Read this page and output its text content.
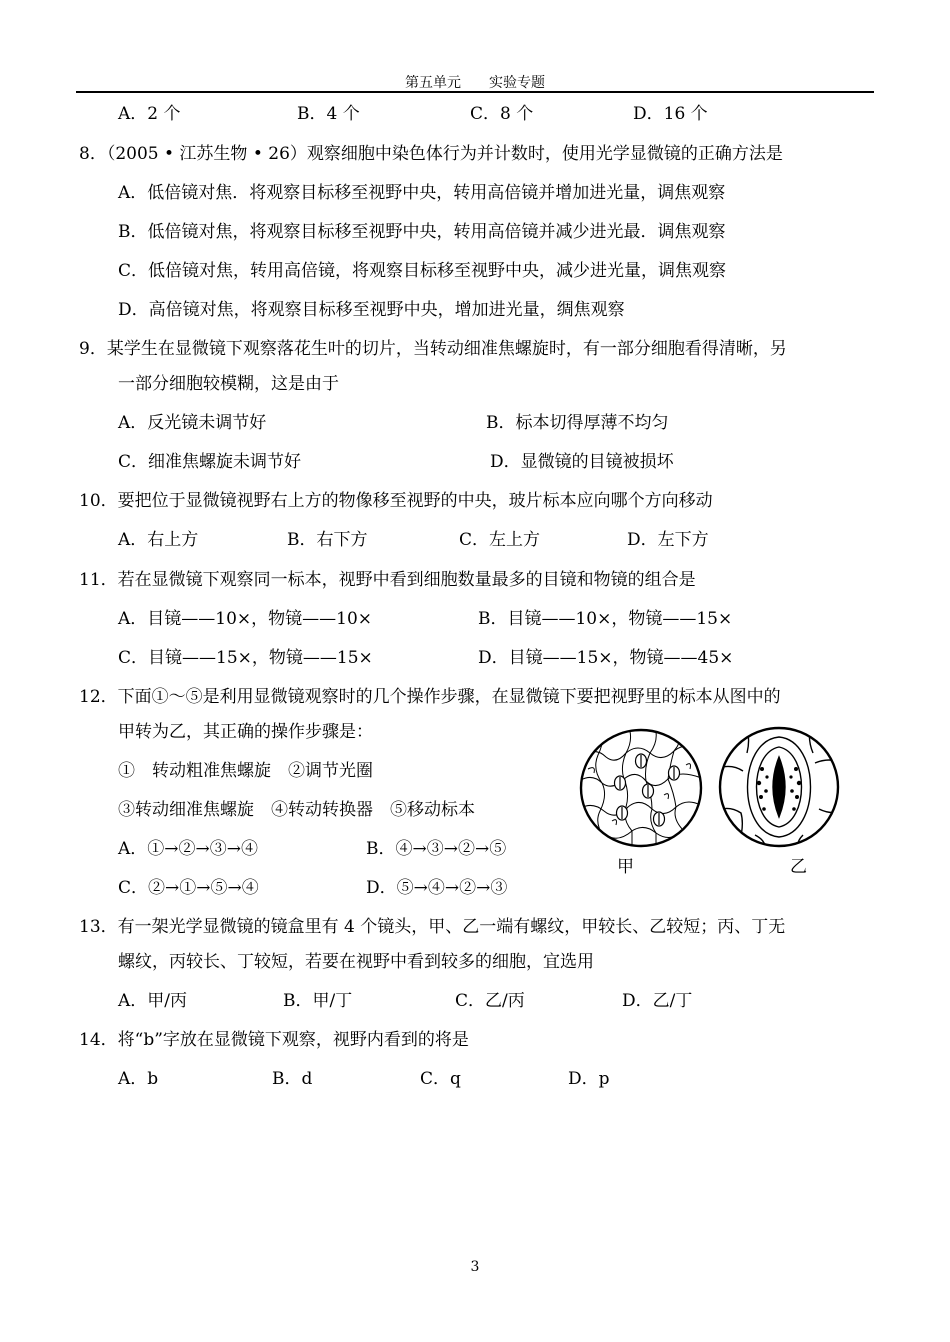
第五单元　　实验专题
A．2 个	B．4 个	C．8 个	D．16 个
8．（2005 • 江苏生物 • 26）观察细胞中染色体行为并计数时，使用光学显微镜的正确方法是
A．低倍镜对焦．将观察目标移至视野中央，转用高倍镜并增加进光量，调焦观察
B．低倍镜对焦，将观察目标移至视野中央，转用高倍镜并减少进光最．调焦观察
C．低倍镜对焦，转用高倍镜，将观察目标移至视野中央，减少进光量，调焦观察
D．高倍镜对焦，将观察目标移至视野中央，增加进光量，绸焦观察
9．某学生在显微镜下观察落花生叶的切片，当转动细准焦螺旋时，有一部分细胞看得清晰，另
一部分细胞较模糊，这是由于
A．反光镜未调节好	B．标本切得厚薄不均匀
C．细准焦螺旋未调节好	D．显微镜的目镜被损坏
10．要把位于显微镜视野右上方的物像移至视野的中央，玻片标本应向哪个方向移动
A．右上方	B．右下方	C．左上方	D．左下方
11．若在显微镜下观察同一标本，视野中看到细胞数量最多的目镜和物镜的组合是
A．目镜——10×，物镜——10×	B．目镜——10×，物镜——15×
C．目镜——15×，物镜——15×	D．目镜——15×，物镜——45×
12．下面①～⑤是利用显微镜观察时的几个操作步骤，在显微镜下要把视野里的标本从图中的
甲转为乙，其正确的操作步骤是：
①　转动粗准焦螺旋　②调节光圈
③转动细准焦螺旋　④转动转换器　⑤移动标本
A．①→②→③→④	B．④→③→②→⑤
C．②→①→⑤→④	D．⑤→④→②→③
甲	乙
13．有一架光学显微镜的镜盒里有 4 个镜头，甲、乙一端有螺纹，甲较长、乙较短；丙、丁无
螺纹，丙较长、丁较短，若要在视野中看到较多的细胞，宜选用
A．甲/丙	B．甲/丁	C．乙/丙	D．乙/丁
14．将“b”字放在显微镜下观察，视野内看到的将是
A．b	B．d	C．q	D．p
3
